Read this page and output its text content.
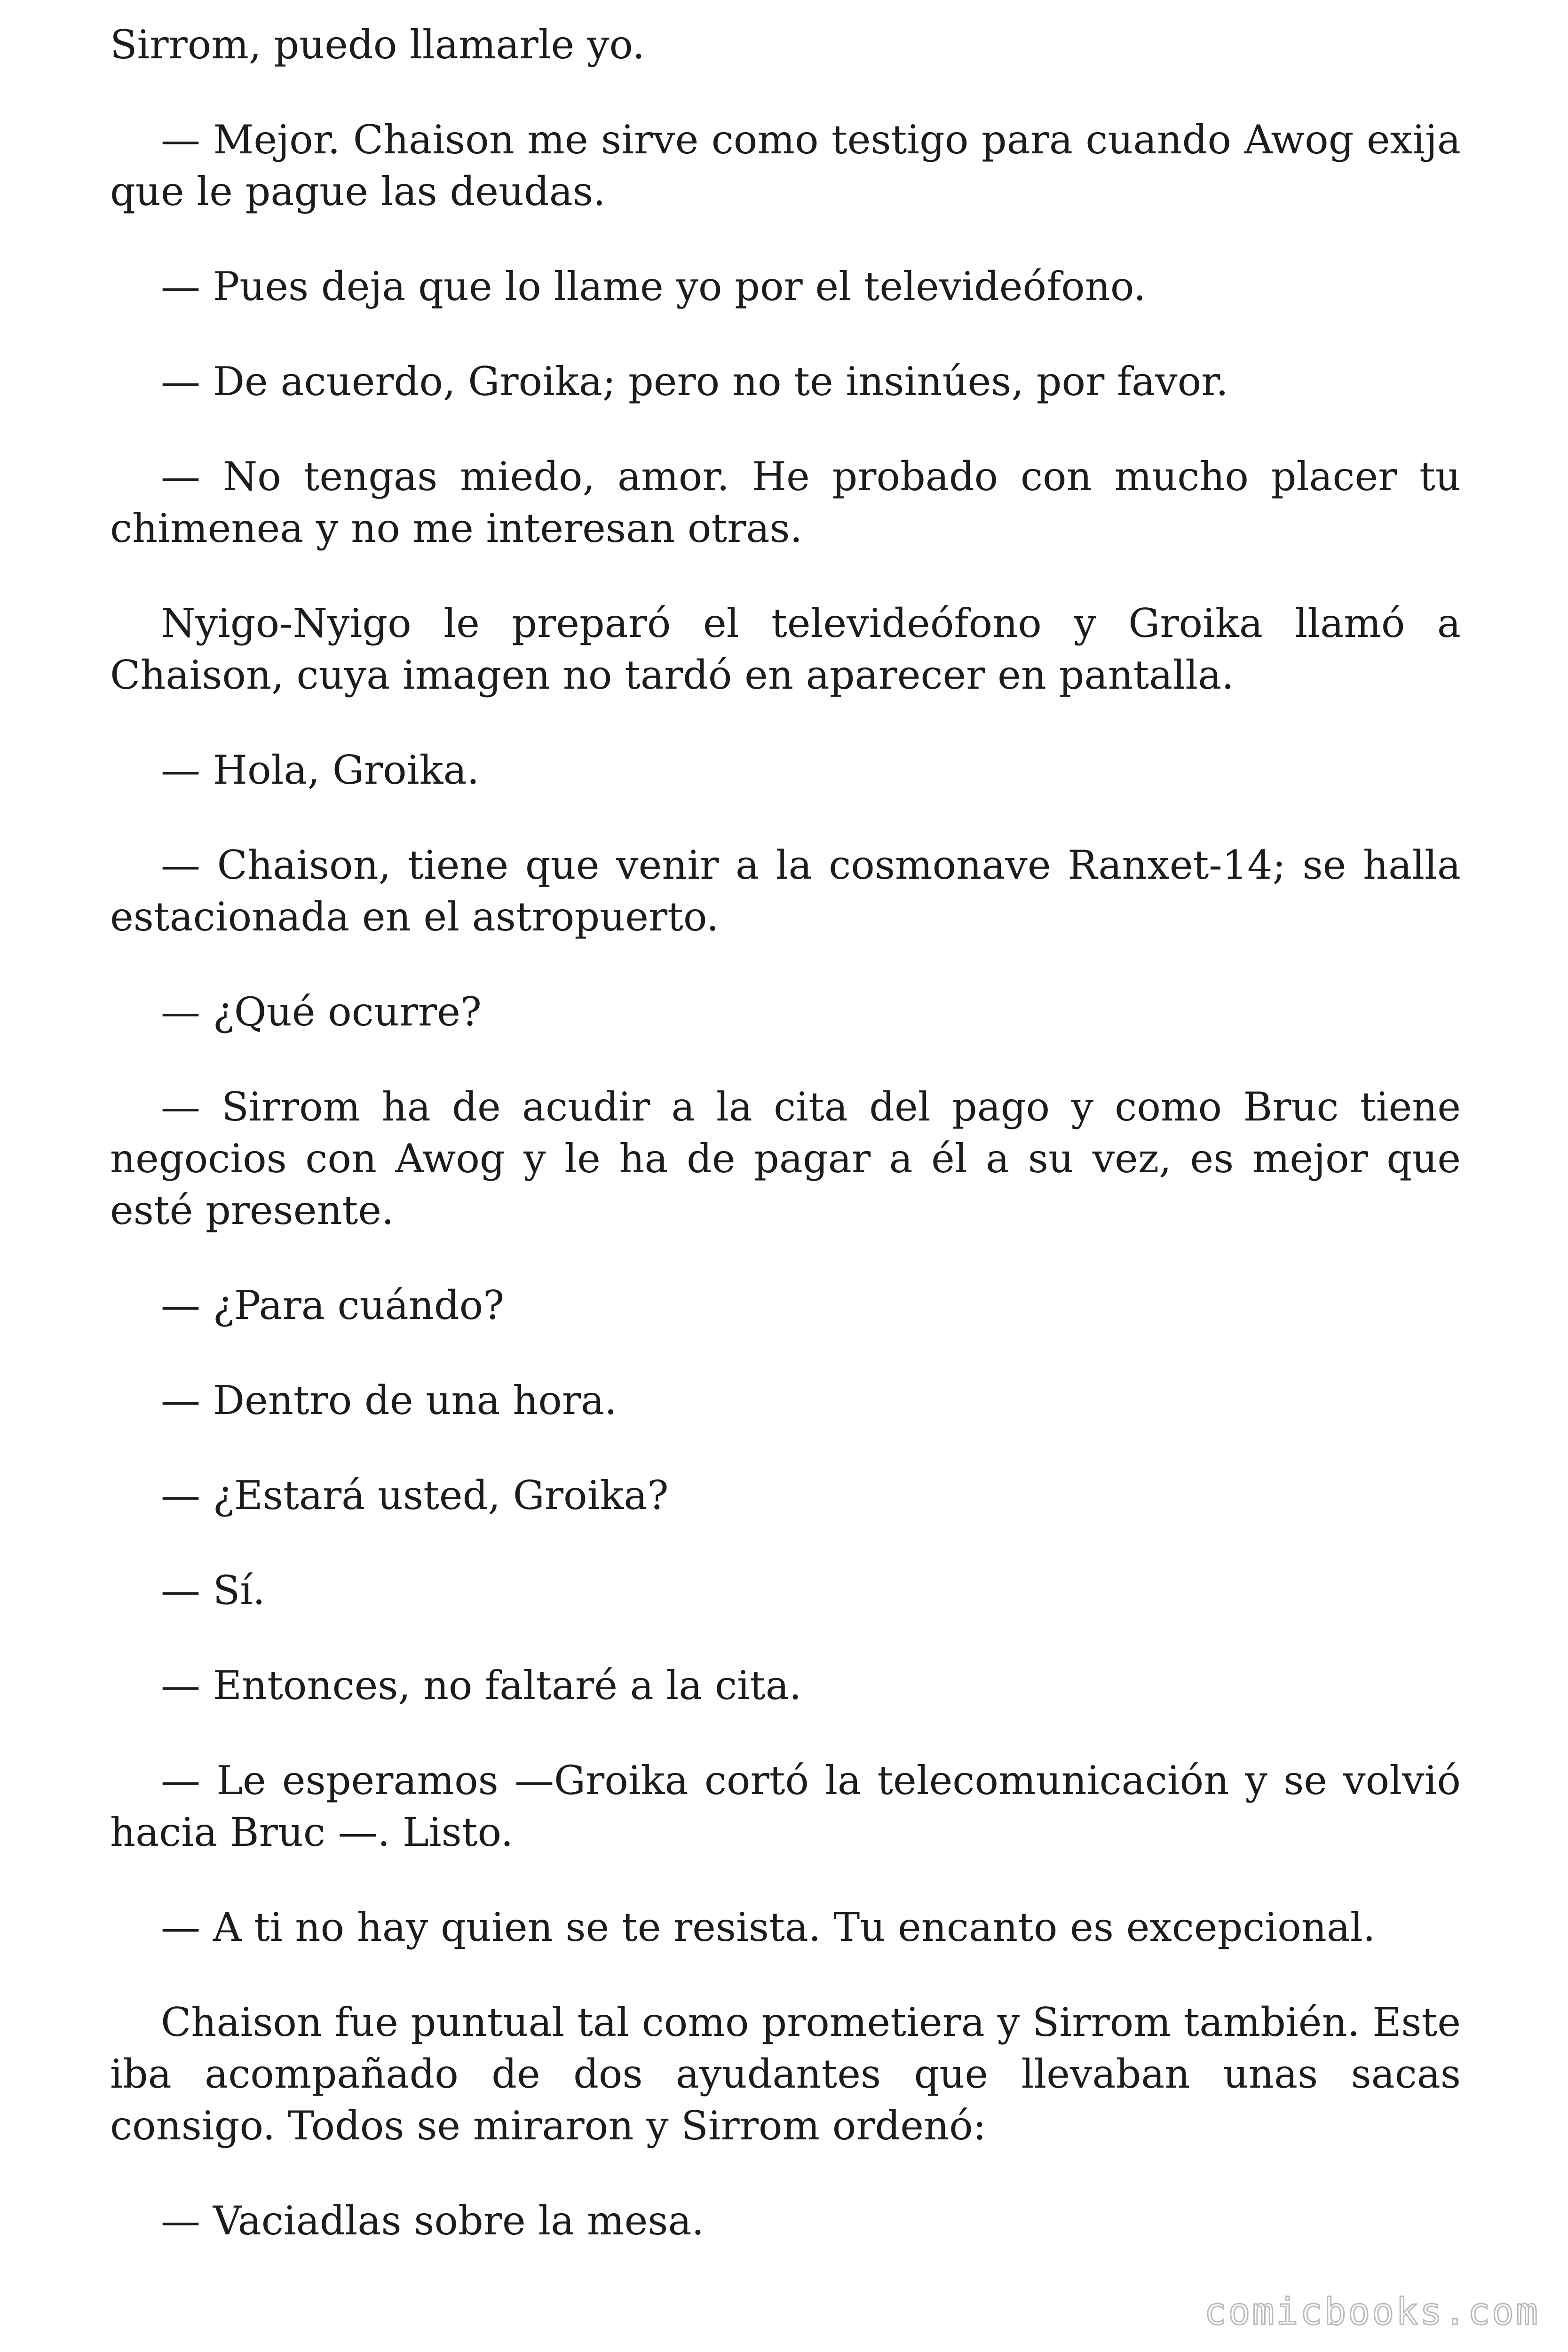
Sirrom, puedo llamarle yo.

— Mejor. Chaison me sirve como testigo para cuando Awog exija que le pague las deudas.

— Pues deja que lo llame yo por el televideófono.

— De acuerdo, Groika; pero no te insinúes, por favor.

— No tengas miedo, amor. He probado con mucho placer tu chimenea y no me interesan otras.

Nyigo-Nyigo le preparó el televideófono y Groika llamó a Chaison, cuya imagen no tardó en aparecer en pantalla.

— Hola, Groika.

— Chaison, tiene que venir a la cosmonave Ranxet-14; se halla estacionada en el astropuerto.

— ¿Qué ocurre?

— Sirrom ha de acudir a la cita del pago y como Bruc tiene negocios con Awog y le ha de pagar a él a su vez, es mejor que esté presente.

— ¿Para cuándo?

— Dentro de una hora.

— ¿Estará usted, Groika?

— Sí.

— Entonces, no faltaré a la cita.

— Le esperamos —Groika cortó la telecomunicación y se volvió hacia Bruc —. Listo.

— A ti no hay quien se te resista. Tu encanto es excepcional.

Chaison fue puntual tal como prometiera y Sirrom también. Este iba acompañado de dos ayudantes que llevaban unas sacas consigo. Todos se miraron y Sirrom ordenó:

— Vaciadlas sobre la mesa.

comicbooks.com
